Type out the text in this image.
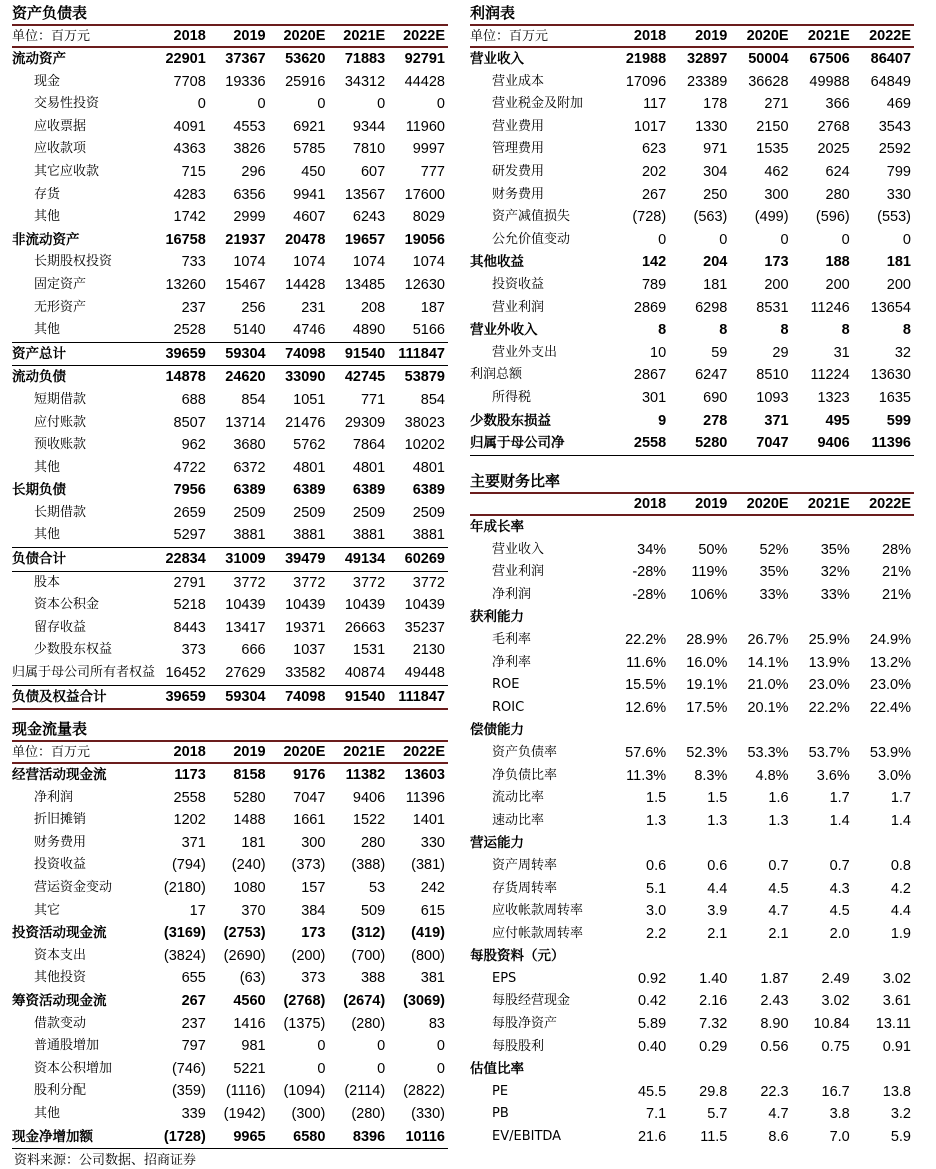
资产负债表
单位：百万元	2018	2019	2020E	2021E	2022E
流动资产	22901	37367	53620	71883	92791
现金	7708	19336	25916	34312	44428
交易性投资	0	0	0	0	0
应收票据	4091	4553	6921	9344	11960
应收款项	4363	3826	5785	7810	9997
其它应收款	715	296	450	607	777
存货	4283	6356	9941	13567	17600
其他	1742	2999	4607	6243	8029
非流动资产	16758	21937	20478	19657	19056
长期股权投资	733	1074	1074	1074	1074
固定资产	13260	15467	14428	13485	12630
无形资产	237	256	231	208	187
其他	2528	5140	4746	4890	5166
资产总计	39659	59304	74098	91540	111847
流动负债	14878	24620	33090	42745	53879
短期借款	688	854	1051	771	854
应付账款	8507	13714	21476	29309	38023
预收账款	962	3680	5762	7864	10202
其他	4722	6372	4801	4801	4801
长期负债	7956	6389	6389	6389	6389
长期借款	2659	2509	2509	2509	2509
其他	5297	3881	3881	3881	3881
负债合计	22834	31009	39479	49134	60269
股本	2791	3772	3772	3772	3772
资本公积金	5218	10439	10439	10439	10439
留存收益	8443	13417	19371	26663	35237
少数股东权益	373	666	1037	1531	2130
归属于母公司所有者权益	16452	27629	33582	40874	49448
负债及权益合计	39659	59304	74098	91540	111847
现金流量表
单位：百万元	2018	2019	2020E	2021E	2022E
经营活动现金流	1173	8158	9176	11382	13603
净利润	2558	5280	7047	9406	11396
折旧摊销	1202	1488	1661	1522	1401
财务费用	371	181	300	280	330
投资收益	(794)	(240)	(373)	(388)	(381)
营运资金变动	(2180)	1080	157	53	242
其它	17	370	384	509	615
投资活动现金流	(3169)	(2753)	173	(312)	(419)
资本支出	(3824)	(2690)	(200)	(700)	(800)
其他投资	655	(63)	373	388	381
筹资活动现金流	267	4560	(2768)	(2674)	(3069)
借款变动	237	1416	(1375)	(280)	83
普通股增加	797	981	0	0	0
资本公积增加	(746)	5221	0	0	0
股利分配	(359)	(1116)	(1094)	(2114)	(2822)
其他	339	(1942)	(300)	(280)	(330)
现金净增加额	(1728)	9965	6580	8396	10116
利润表
单位：百万元	2018	2019	2020E	2021E	2022E
营业收入	21988	32897	50004	67506	86407
营业成本	17096	23389	36628	49988	64849
营业税金及附加	117	178	271	366	469
营业费用	1017	1330	2150	2768	3543
管理费用	623	971	1535	2025	2592
研发费用	202	304	462	624	799
财务费用	267	250	300	280	330
资产减值损失	(728)	(563)	(499)	(596)	(553)
公允价值变动	0	0	0	0	0
其他收益	142	204	173	188	181
投资收益	789	181	200	200	200
营业利润	2869	6298	8531	11246	13654
营业外收入	8	8	8	8	8
营业外支出	10	59	29	31	32
利润总额	2867	6247	8510	11224	13630
所得税	301	690	1093	1323	1635
少数股东损益	9	278	371	495	599
归属于母公司净	2558	5280	7047	9406	11396
主要财务比率
	2018	2019	2020E	2021E	2022E
年成长率					
营业收入	34%	50%	52%	35%	28%
营业利润	-28%	119%	35%	32%	21%
净利润	-28%	106%	33%	33%	21%
获利能力					
毛利率	22.2%	28.9%	26.7%	25.9%	24.9%
净利率	11.6%	16.0%	14.1%	13.9%	13.2%
ROE	15.5%	19.1%	21.0%	23.0%	23.0%
ROIC	12.6%	17.5%	20.1%	22.2%	22.4%
偿债能力					
资产负债率	57.6%	52.3%	53.3%	53.7%	53.9%
净负债比率	11.3%	8.3%	4.8%	3.6%	3.0%
流动比率	1.5	1.5	1.6	1.7	1.7
速动比率	1.3	1.3	1.3	1.4	1.4
营运能力					
资产周转率	0.6	0.6	0.7	0.7	0.8
存货周转率	5.1	4.4	4.5	4.3	4.2
应收帐款周转率	3.0	3.9	4.7	4.5	4.4
应付帐款周转率	2.2	2.1	2.1	2.0	1.9
每股资料（元）					
EPS	0.92	1.40	1.87	2.49	3.02
每股经营现金	0.42	2.16	2.43	3.02	3.61
每股净资产	5.89	7.32	8.90	10.84	13.11
每股股利	0.40	0.29	0.56	0.75	0.91
估值比率					
PE	45.5	29.8	22.3	16.7	13.8
PB	7.1	5.7	4.7	3.8	3.2
EV/EBITDA	21.6	11.5	8.6	7.0	5.9
资料来源：公司数据、招商证券
